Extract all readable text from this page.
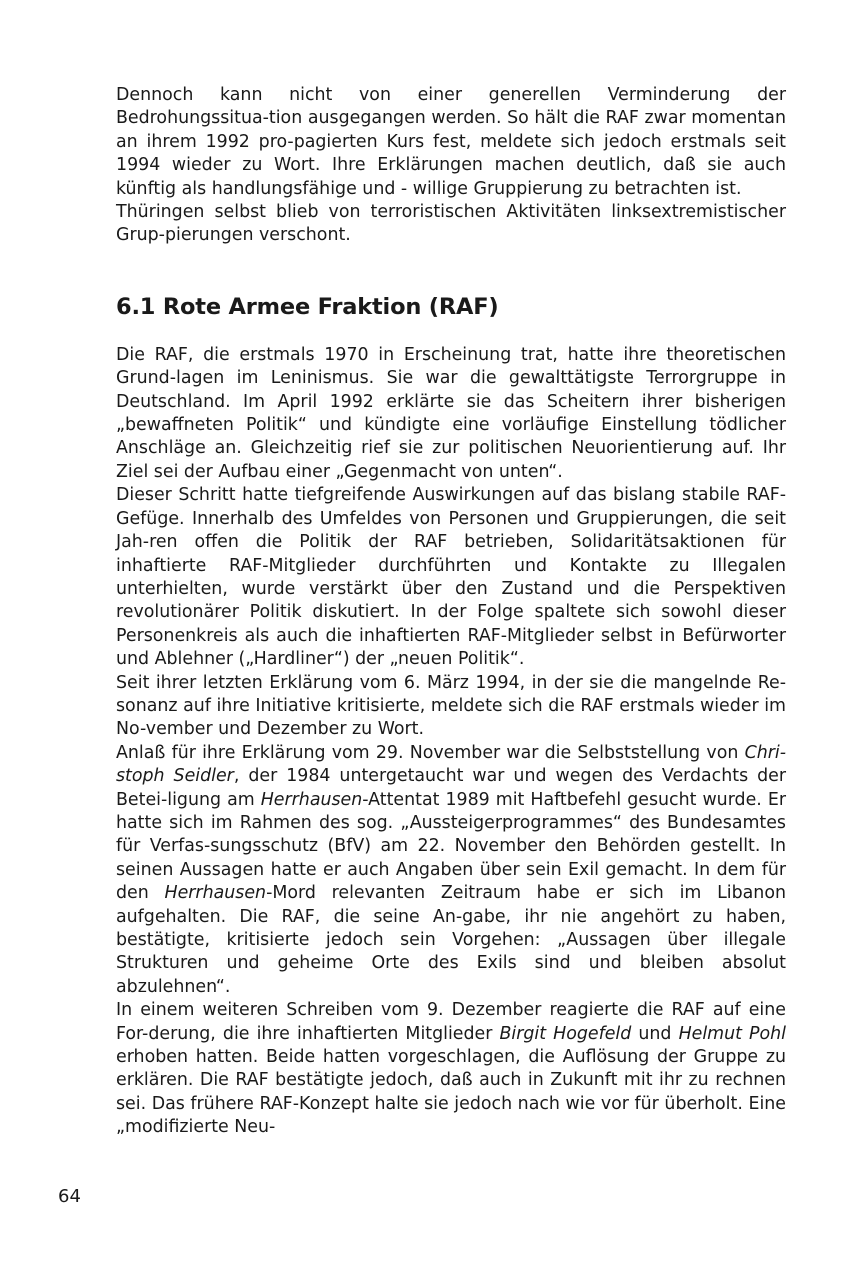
Dennoch kann nicht von einer generellen Verminderung der Bedrohungssitua-tion ausgegangen werden. So hält die RAF zwar momentan an ihrem 1992 pro-pagierten Kurs fest, meldete sich jedoch erstmals seit 1994 wieder zu Wort. Ihre Erklärungen machen deutlich, daß sie auch künftig als handlungsfähige und - willige Gruppierung zu betrachten ist.

Thüringen selbst blieb von terroristischen Aktivitäten linksextremistischer Grup-pierungen verschont.

6.1 Rote Armee Fraktion (RAF)

Die RAF, die erstmals 1970 in Erscheinung trat, hatte ihre theoretischen Grund-lagen im Leninismus. Sie war die gewalttätigste Terrorgruppe in Deutschland. Im April 1992 erklärte sie das Scheitern ihrer bisherigen „bewaffneten Politik“ und kündigte eine vorläufige Einstellung tödlicher Anschläge an. Gleichzeitig rief sie zur politischen Neuorientierung auf. Ihr Ziel sei der Aufbau einer „Gegenmacht von unten“.

Dieser Schritt hatte tiefgreifende Auswirkungen auf das bislang stabile RAF-Gefüge. Innerhalb des Umfeldes von Personen und Gruppierungen, die seit Jah-ren offen die Politik der RAF betrieben, Solidaritätsaktionen für inhaftierte RAF-Mitglieder durchführten und Kontakte zu Illegalen unterhielten, wurde verstärkt über den Zustand und die Perspektiven revolutionärer Politik diskutiert. In der Folge spaltete sich sowohl dieser Personenkreis als auch die inhaftierten RAF-Mitglieder selbst in Befürworter und Ablehner („Hardliner“) der „neuen Politik“.

Seit ihrer letzten Erklärung vom 6. März 1994, in der sie die mangelnde Re-sonanz auf ihre Initiative kritisierte, meldete sich die RAF erstmals wieder im No-vember und Dezember zu Wort.

Anlaß für ihre Erklärung vom 29. November war die Selbststellung von Chri-stoph Seidler, der 1984 untergetaucht war und wegen des Verdachts der Betei-ligung am Herrhausen-Attentat 1989 mit Haftbefehl gesucht wurde. Er hatte sich im Rahmen des sog. „Aussteigerprogrammes“ des Bundesamtes für Verfas-sungsschutz (BfV) am 22. November den Behörden gestellt. In seinen Aussagen hatte er auch Angaben über sein Exil gemacht. In dem für den Herrhausen-Mord relevanten Zeitraum habe er sich im Libanon aufgehalten. Die RAF, die seine An-gabe, ihr nie angehört zu haben, bestätigte, kritisierte jedoch sein Vorgehen: „Aussagen über illegale Strukturen und geheime Orte des Exils sind und bleiben absolut abzulehnen“.

In einem weiteren Schreiben vom 9. Dezember reagierte die RAF auf eine For-derung, die ihre inhaftierten Mitglieder Birgit Hogefeld und Helmut Pohl erhoben hatten. Beide hatten vorgeschlagen, die Auflösung der Gruppe zu erklären. Die RAF bestätigte jedoch, daß auch in Zukunft mit ihr zu rechnen sei. Das frühere RAF-Konzept halte sie jedoch nach wie vor für überholt. Eine „modifizierte Neu-

64
